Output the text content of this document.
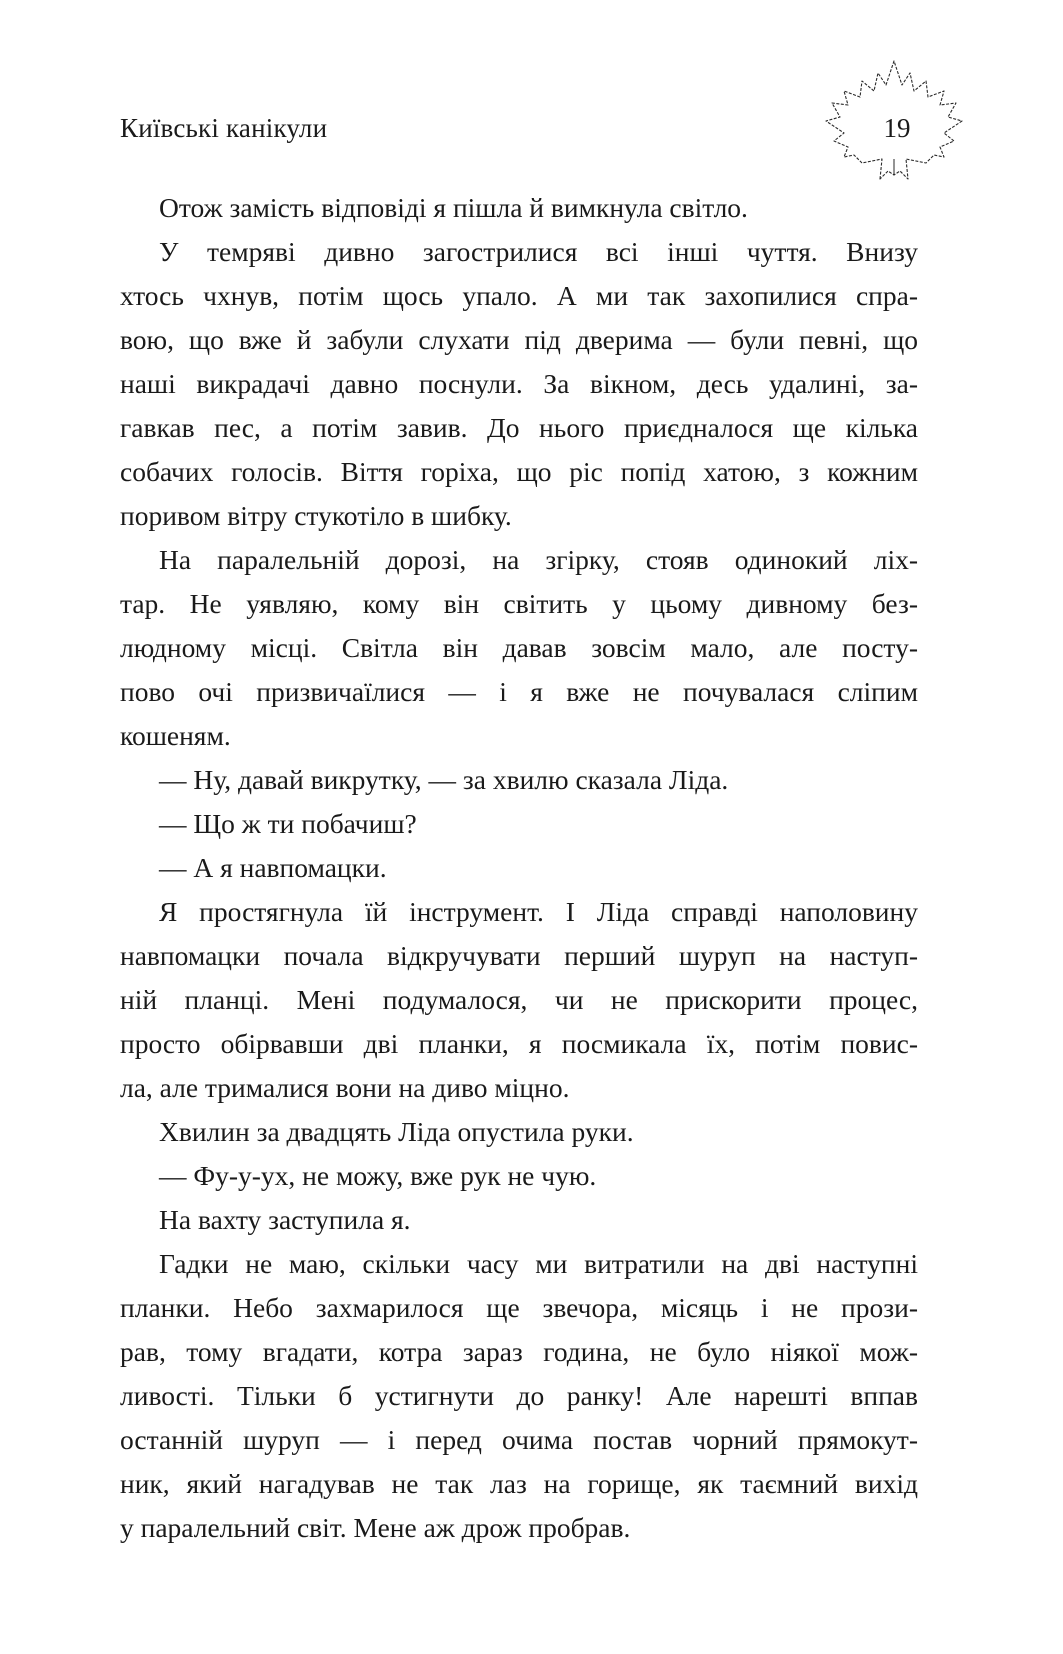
Київські канікули	19
Отож замість відповіді я пішла й вимкнула світло.
У темряві дивно загострилися всі інші чуття. Внизу
хтось чхнув, потім щось упало. А ми так захопилися спра-
вою, що вже й забули слухати під дверима — були певні, що
наші викрадачі давно поснули. За вікном, десь удалині, за-
гавкав пес, а потім завив. До нього приєдналося ще кілька
собачих голосів. Віття горіха, що ріс попід хатою, з кожним
поривом вітру стукотіло в шибку.
На паралельній дорозі, на згірку, стояв одинокий ліх-
тар. Не уявляю, кому він світить у цьому дивному без-
людному місці. Світла він давав зовсім мало, але посту-
пово очі призвичаїлися — і я вже не почувалася сліпим
кошеням.
— Ну, давай викрутку, — за хвилю сказала Ліда.
— Що ж ти побачиш?
— А я навпомацки.
Я простягнула їй інструмент. І Ліда справді наполовину
навпомацки почала відкручувати перший шуруп на наступ-
ній планці. Мені подумалося, чи не прискорити процес,
просто обірвавши дві планки, я посмикала їх, потім повис-
ла, але трималися вони на диво міцно.
Хвилин за двадцять Ліда опустила руки.
— Фу-у-ух, не можу, вже рук не чую.
На вахту заступила я.
Гадки не маю, скільки часу ми витратили на дві наступні
планки. Небо захмарилося ще звечора, місяць і не прози-
рав, тому вгадати, котра зараз година, не було ніякої мож-
ливості. Тільки б устигнути до ранку! Але нарешті вппав
останній шуруп — і перед очима постав чорний прямокут-
ник, який нагадував не так лаз на горище, як таємний вихід
у паралельний світ. Мене аж дрож пробрав.
